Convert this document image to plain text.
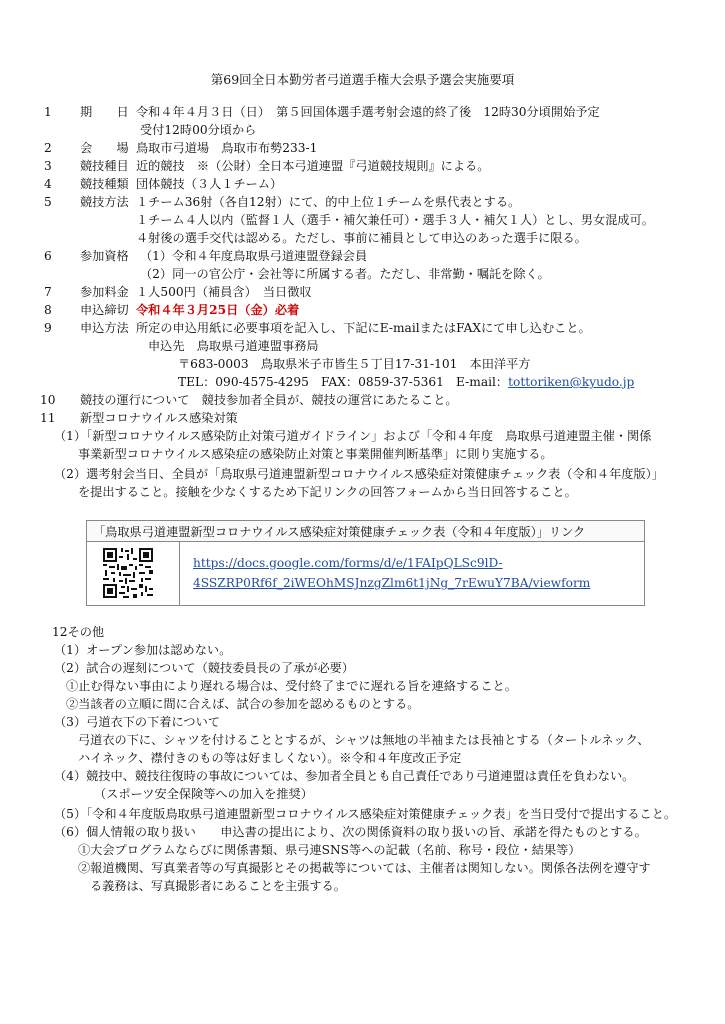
第69回全日本勤労者弓道選手権大会県予選会実施要項
1 期　　日 令和４年４月３日（日）　第５回国体選手選考射会遠的終了後　12時30分頃開始予定
受付12時00分頃から
2 会　　場 鳥取市弓道場　鳥取市布勢233-1
3 競技種目 近的競技　※（公財）全日本弓道連盟『弓道競技規則』による。
4 競技種類 団体競技（３人１チーム）
5 競技方法 １チーム36射（各自12射）にて、的中上位１チームを県代表とする。
１チーム４人以内（監督１人（選手・補欠兼任可）・選手３人・補欠１人）とし、男女混成可。
４射後の選手交代は認める。ただし、事前に補員として申込のあった選手に限る。
6 参加資格 （1）令和４年度鳥取県弓道連盟登録会員
（2）同一の官公庁・会社等に所属する者。ただし、非常勤・嘱託を除く。
7 参加料金 １人500円（補員含）　当日徴収
8 申込締切 令和４年３月25日（金）必着
9 申込方法 所定の申込用紙に必要事項を記入し、下記にE-mailまたはFAXにて申し込むこと。
申込先　鳥取県弓道連盟事務局
〒683-0003　鳥取県米子市皆生５丁目17-31-101　本田洋平方
TEL：090-4575-4295　FAX：0859-37-5361　E-mail：tottoriken@kyudo.jp
10 競技の運行について　競技参加者全員が、競技の運営にあたること。
11 新型コロナウイルス感染対策
（1）「新型コロナウイルス感染防止対策弓道ガイドライン」および「令和４年度　鳥取県弓道連盟主催・関係
事業新型コロナウイルス感染症の感染防止対策と事業開催判断基準」に則り実施する。
（2）選考射会当日、全員が「鳥取県弓道連盟新型コロナウイルス感染症対策健康チェック表（令和４年度版）」
を提出すること。接触を少なくするため下記リンクの回答フォームから当日回答すること。
「鳥取県弓道連盟新型コロナウイルス感染症対策健康チェック表（令和４年度版）」リンク
https://docs.google.com/forms/d/e/1FAIpQLSc9lD-
4SSZRP0Rf6f_2iWEOhMSJnzgZlm6t1jNg_7rEwuY7BA/viewform
12その他
（1）オープン参加は認めない。
（2）試合の遅刻について（競技委員長の了承が必要）
①止む得ない事由により遅れる場合は、受付終了までに遅れる旨を連絡すること。
②当該者の立順に間に合えば、試合の参加を認めるものとする。
（3）弓道衣下の下着について
弓道衣の下に、シャツを付けることとするが、シャツは無地の半袖または長袖とする（タートルネック、
ハイネック、襟付きのもの等は好ましくない）。※令和４年度改正予定
（4）競技中、競技往復時の事故については、参加者全員とも自己責任であり弓道連盟は責任を負わない。
（スポーツ安全保険等への加入を推奨）
（5）「令和４年度版鳥取県弓道連盟新型コロナウイルス感染症対策健康チェック表」を当日受付で提出すること。
（6）個人情報の取り扱い　　申込書の提出により、次の関係資料の取り扱いの旨、承諾を得たものとする。
①大会プログラムならびに関係書類、県弓連SNS等への記載（名前、称号・段位・結果等）
②報道機関、写真業者等の写真撮影とその掲載等については、主催者は関知しない。関係各法例を遵守す
る義務は、写真撮影者にあることを主張する。
